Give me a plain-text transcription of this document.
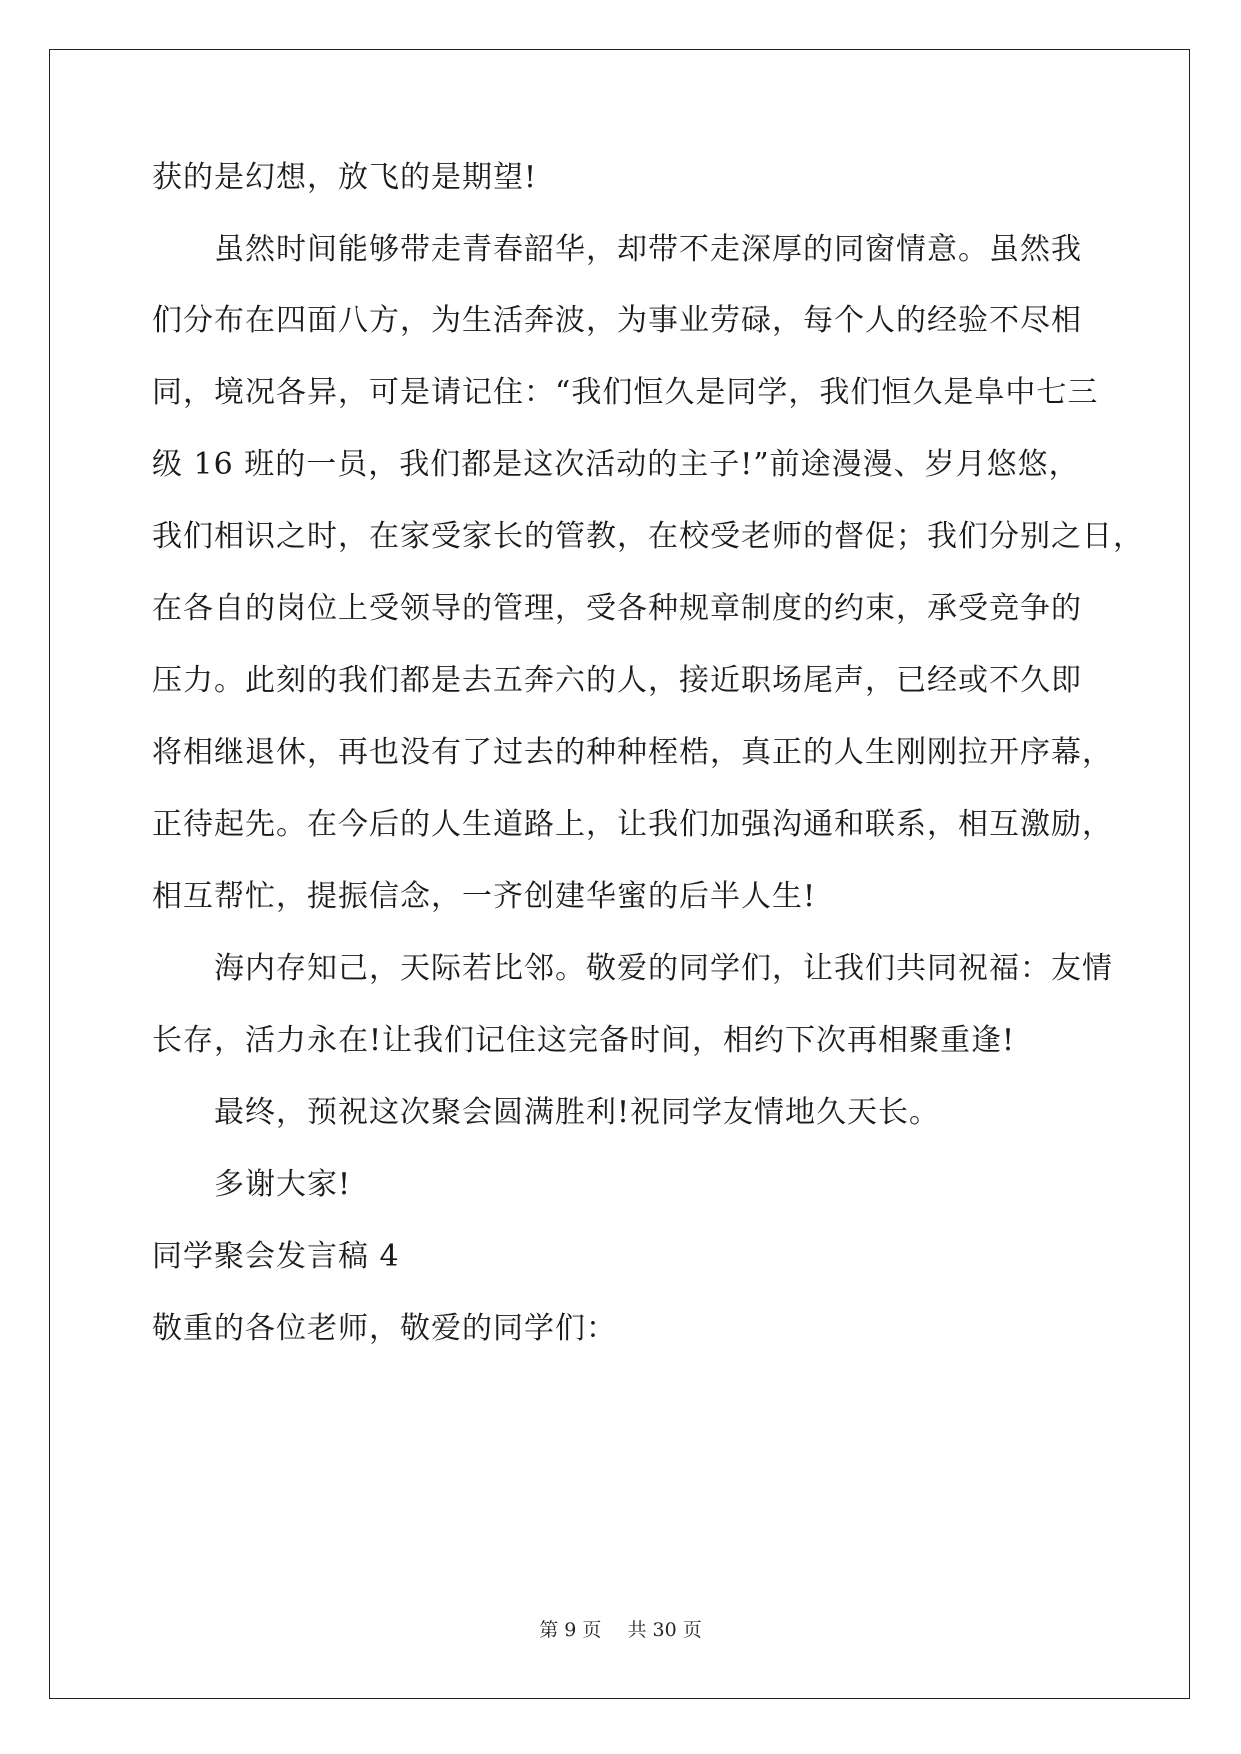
获的是幻想，放飞的是期望!
虽然时间能够带走青春韶华，却带不走深厚的同窗情意。虽然我
们分布在四面八方，为生活奔波，为事业劳碌，每个人的经验不尽相
同，境况各异，可是请记住：“我们恒久是同学，我们恒久是阜中七三
级 16 班的一员，我们都是这次活动的主子!”前途漫漫、岁月悠悠，
我们相识之时，在家受家长的管教，在校受老师的督促；我们分别之日，
在各自的岗位上受领导的管理，受各种规章制度的约束，承受竞争的
压力。此刻的我们都是去五奔六的人，接近职场尾声，已经或不久即
将相继退休，再也没有了过去的种种桎梏，真正的人生刚刚拉开序幕，
正待起先。在今后的人生道路上，让我们加强沟通和联系，相互激励，
相互帮忙，提振信念，一齐创建华蜜的后半人生!
海内存知己，天际若比邻。敬爱的同学们，让我们共同祝福：友情
长存，活力永在!让我们记住这完备时间，相约下次再相聚重逢!
最终，预祝这次聚会圆满胜利!祝同学友情地久天长。
多谢大家!
同学聚会发言稿 4
敬重的各位老师，敬爱的同学们：
第 9 页 共 30 页
